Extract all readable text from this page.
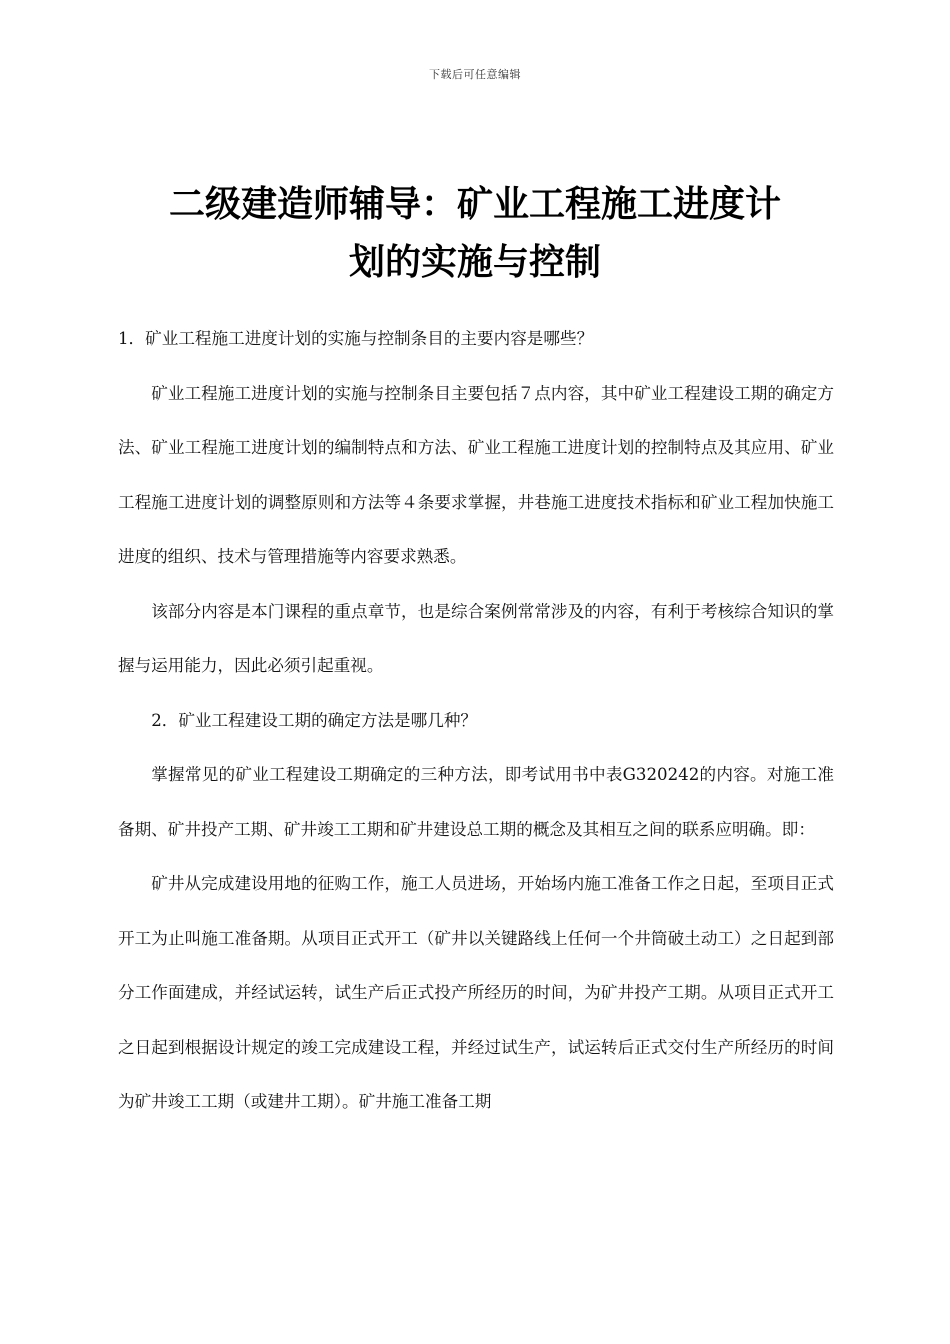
下载后可任意编辑
二级建造师辅导：矿业工程施工进度计
划的实施与控制

1．矿业工程施工进度计划的实施与控制条目的主要内容是哪些？

矿业工程施工进度计划的实施与控制条目主要包括７点内容，其中矿业工程建设工期的确定方法、矿业工程施工进度计划的编制特点和方法、矿业工程施工进度计划的控制特点及其应用、矿业工程施工进度计划的调整原则和方法等４条要求掌握，井巷施工进度技术指标和矿业工程加快施工进度的组织、技术与管理措施等内容要求熟悉。

该部分内容是本门课程的重点章节，也是综合案例常常涉及的内容，有利于考核综合知识的掌握与运用能力，因此必须引起重视。

2．矿业工程建设工期的确定方法是哪几种？

掌握常见的矿业工程建设工期确定的三种方法，即考试用书中表G320242的内容。对施工准备期、矿井投产工期、矿井竣工工期和矿井建设总工期的概念及其相互之间的联系应明确。即：

矿井从完成建设用地的征购工作，施工人员进场，开始场内施工准备工作之日起，至项目正式开工为止叫施工准备期。从项目正式开工（矿井以关键路线上任何一个井筒破土动工）之日起到部分工作面建成，并经试运转，试生产后正式投产所经历的时间，为矿井投产工期。从项目正式开工之日起到根据设计规定的竣工完成建设工程，并经过试生产，试运转后正式交付生产所经历的时间为矿井竣工工期（或建井工期）。矿井施工准备工期
